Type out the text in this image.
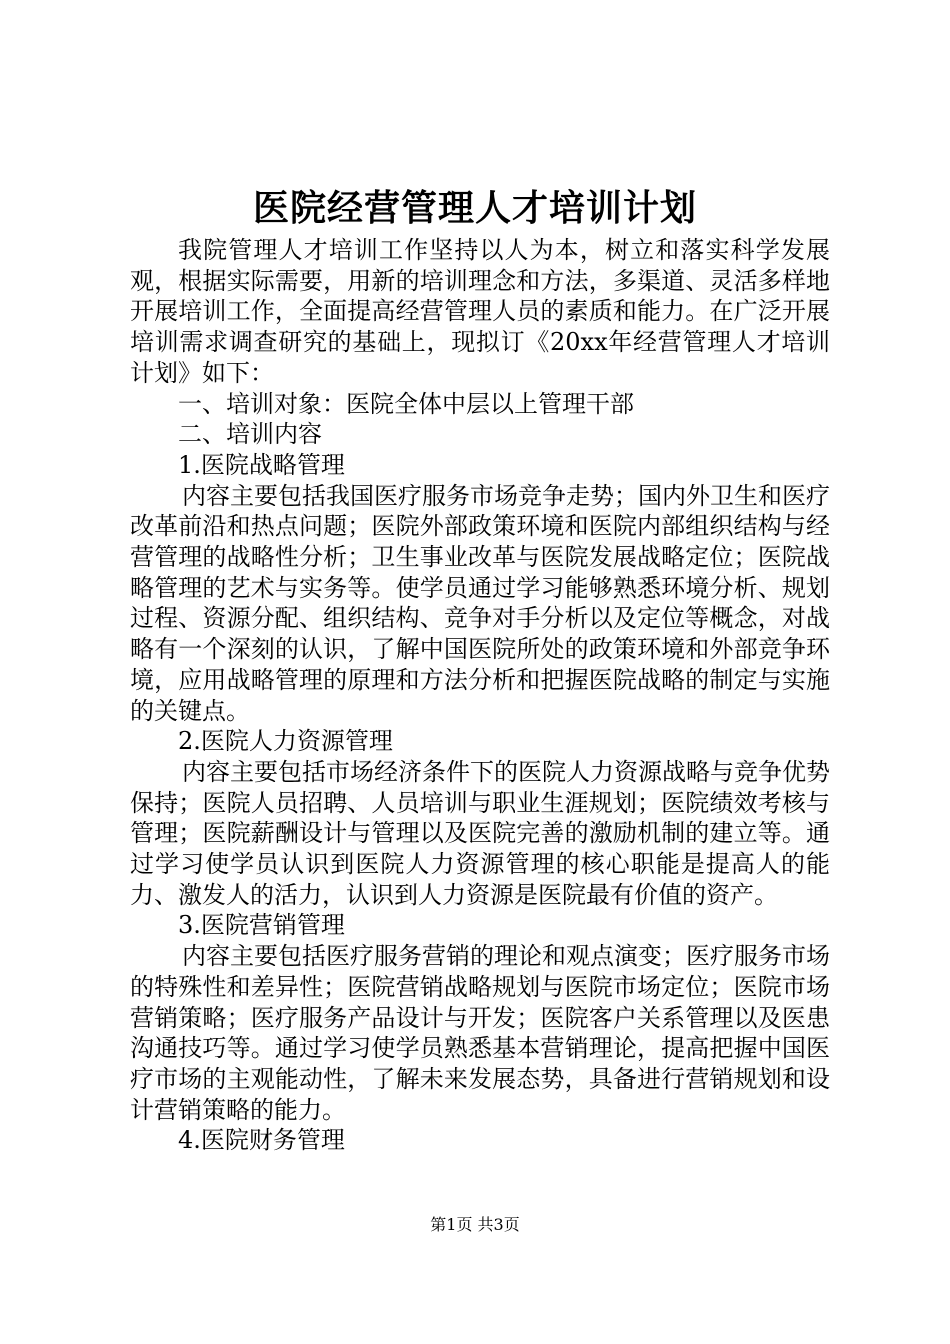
医院经营管理人才培训计划

我院管理人才培训工作坚持以人为本，树立和落实科学发展观，根据实际需要，用新的培训理念和方法，多渠道、灵活多样地开展培训工作，全面提高经营管理人员的素质和能力。在广泛开展培训需求调查研究的基础上，现拟订《20xx年经营管理人才培训计划》如下：

一、培训对象：医院全体中层以上管理干部

二、培训内容

1.医院战略管理

内容主要包括我国医疗服务市场竞争走势；国内外卫生和医疗改革前沿和热点问题；医院外部政策环境和医院内部组织结构与经营管理的战略性分析；卫生事业改革与医院发展战略定位；医院战略管理的艺术与实务等。使学员通过学习能够熟悉环境分析、规划过程、资源分配、组织结构、竞争对手分析以及定位等概念，对战略有一个深刻的认识，了解中国医院所处的政策环境和外部竞争环境，应用战略管理的原理和方法分析和把握医院战略的制定与实施的关键点。

2.医院人力资源管理

内容主要包括市场经济条件下的医院人力资源战略与竞争优势保持；医院人员招聘、人员培训与职业生涯规划；医院绩效考核与管理；医院薪酬设计与管理以及医院完善的激励机制的建立等。通过学习使学员认识到医院人力资源管理的核心职能是提高人的能力、激发人的活力，认识到人力资源是医院最有价值的资产。

3.医院营销管理

内容主要包括医疗服务营销的理论和观点演变；医疗服务市场的特殊性和差异性；医院营销战略规划与医院市场定位；医院市场营销策略；医疗服务产品设计与开发；医院客户关系管理以及医患沟通技巧等。通过学习使学员熟悉基本营销理论，提高把握中国医疗市场的主观能动性，了解未来发展态势，具备进行营销规划和设计营销策略的能力。

4.医院财务管理

第1页 共3页
